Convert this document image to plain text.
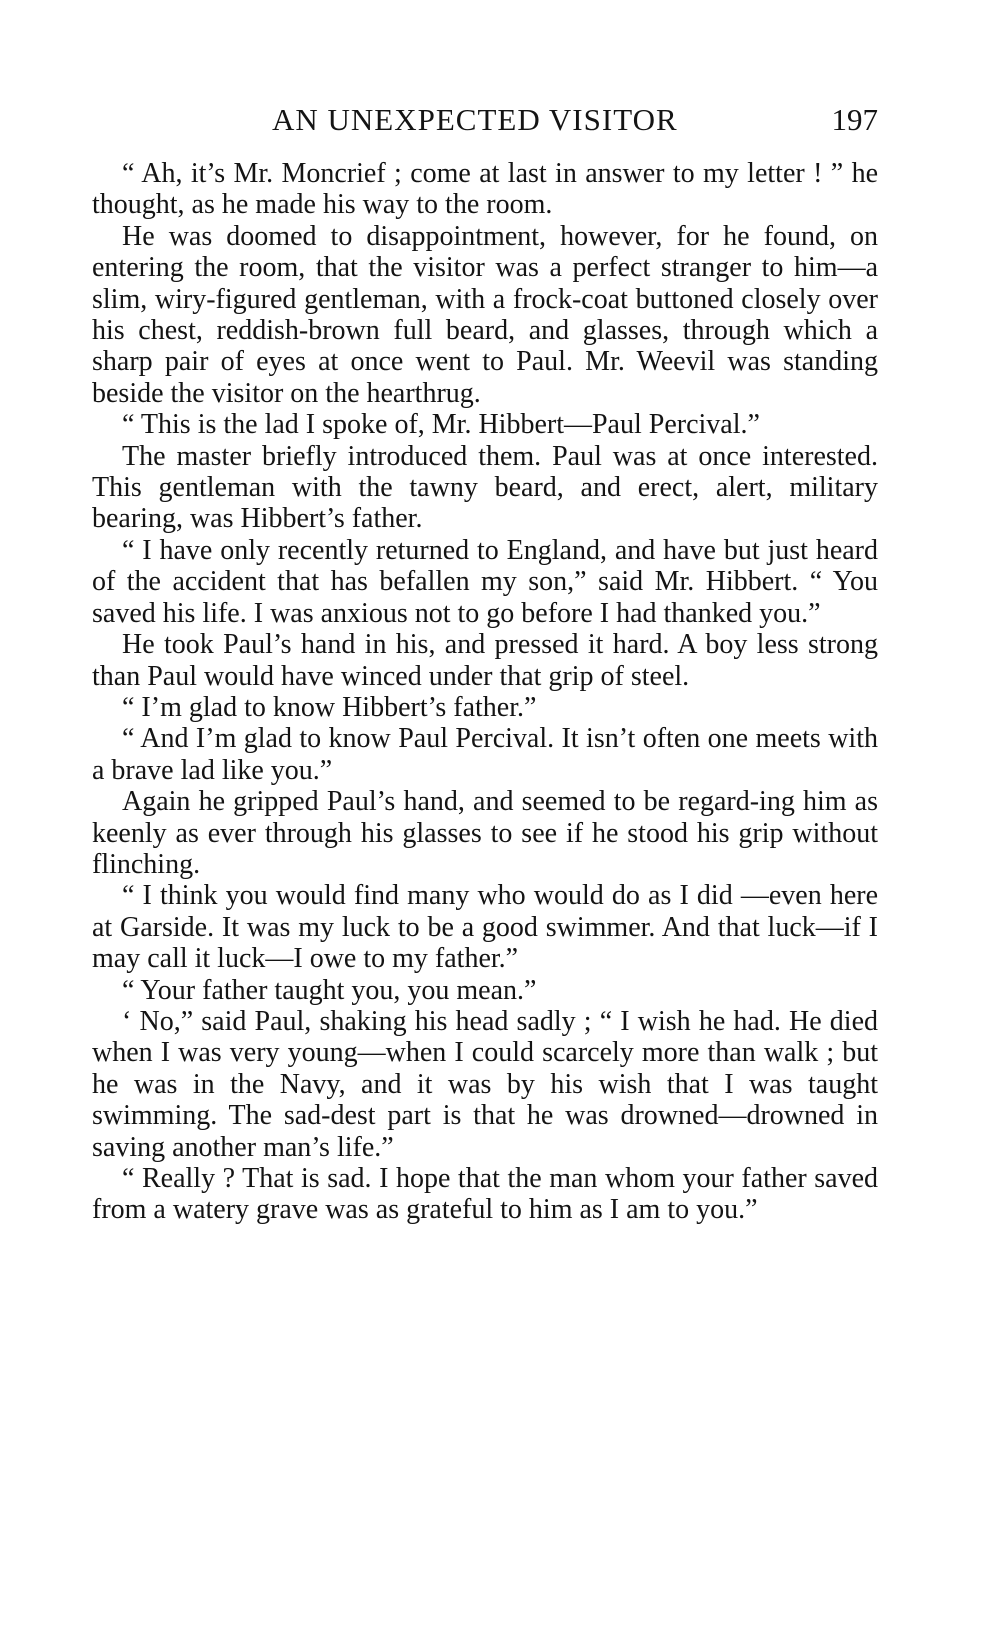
AN UNEXPECTED VISITOR	197

“ Ah, it’s Mr. Moncrief ; come at last in answer to my letter ! ” he thought, as he made his way to the room.

He was doomed to disappointment, however, for he found, on entering the room, that the visitor was a perfect stranger to him—a slim, wiry-figured gentleman, with a frock-coat buttoned closely over his chest, reddish-brown full beard, and glasses, through which a sharp pair of eyes at once went to Paul. Mr. Weevil was standing beside the visitor on the hearthrug.

“ This is the lad I spoke of, Mr. Hibbert—Paul Percival.”

The master briefly introduced them. Paul was at once interested. This gentleman with the tawny beard, and erect, alert, military bearing, was Hibbert’s father.

“ I have only recently returned to England, and have but just heard of the accident that has befallen my son,” said Mr. Hibbert. “ You saved his life. I was anxious not to go before I had thanked you.”

He took Paul’s hand in his, and pressed it hard. A boy less strong than Paul would have winced under that grip of steel.

“ I’m glad to know Hibbert’s father.”

“ And I’m glad to know Paul Percival. It isn’t often one meets with a brave lad like you.”

Again he gripped Paul’s hand, and seemed to be regard-ing him as keenly as ever through his glasses to see if he stood his grip without flinching.

“ I think you would find many who would do as I did —even here at Garside. It was my luck to be a good swimmer. And that luck—if I may call it luck—I owe to my father.”

“ Your father taught you, you mean.”

‘ No,” said Paul, shaking his head sadly ; “ I wish he had. He died when I was very young—when I could scarcely more than walk ; but he was in the Navy, and it was by his wish that I was taught swimming. The sad-dest part is that he was drowned—drowned in saving another man’s life.”

“ Really ? That is sad. I hope that the man whom your father saved from a watery grave was as grateful to him as I am to you.”
